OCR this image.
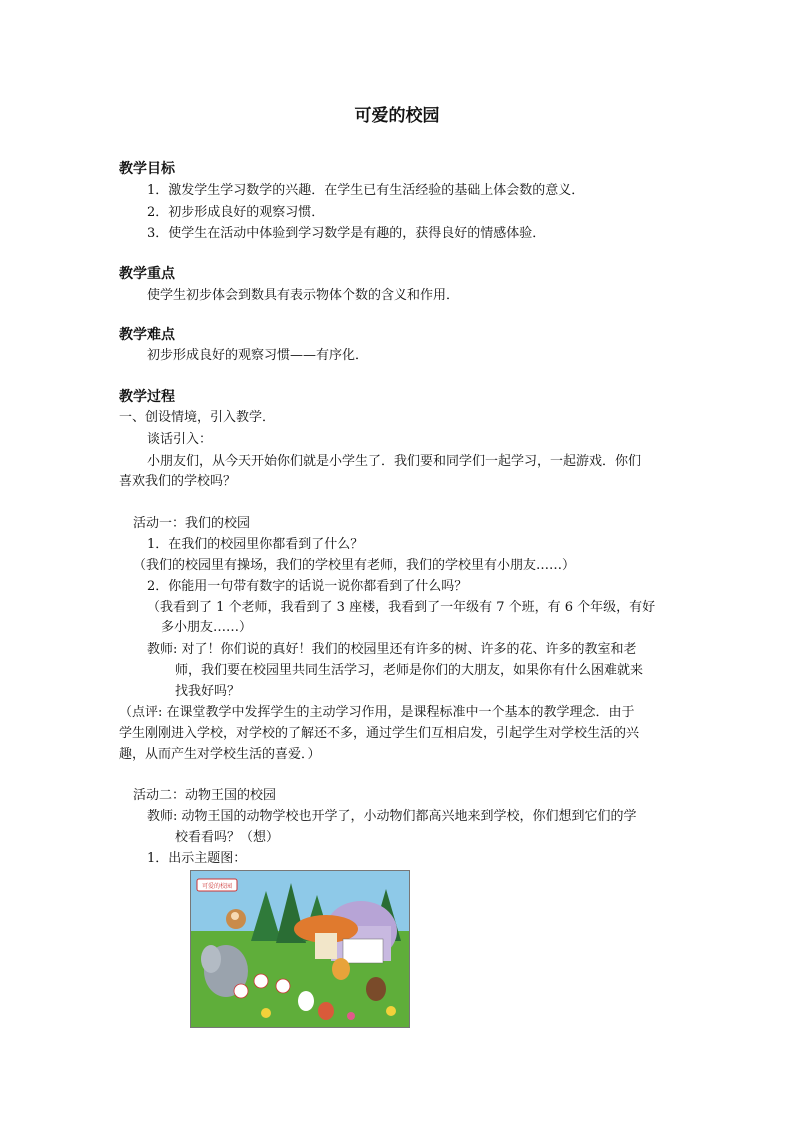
可爱的校园
教学目标
1．激发学生学习数学的兴趣．在学生已有生活经验的基础上体会数的意义．
2．初步形成良好的观察习惯．
3．使学生在活动中体验到学习数学是有趣的，获得良好的情感体验．
教学重点
使学生初步体会到数具有表示物体个数的含义和作用．
教学难点
初步形成良好的观察习惯——有序化．
教学过程
一、创设情境，引入教学．
谈话引入：
小朋友们，从今天开始你们就是小学生了．我们要和同学们一起学习，一起游戏．你们
喜欢我们的学校吗？
活动一：我们的校园
1．在我们的校园里你都看到了什么？
（我们的校园里有操场，我们的学校里有老师，我们的学校里有小朋友……）
2．你能用一句带有数字的话说一说你都看到了什么吗？
（我看到了 1 个老师，我看到了 3 座楼，我看到了一年级有 7 个班，有 6 个年级，有好
多小朋友……）
教师: 对了！你们说的真好！我们的校园里还有许多的树、许多的花、许多的教室和老
师，我们要在校园里共同生活学习，老师是你们的大朋友，如果你有什么困难就来
找我好吗？
（点评: 在课堂教学中发挥学生的主动学习作用，是课程标准中一个基本的教学理念．由于
学生刚刚进入学校，对学校的了解还不多，通过学生们互相启发，引起学生对学校生活的兴
趣，从而产生对学校生活的喜爱．）
活动二：动物王国的校园
教师: 动物王国的动物学校也开学了，小动物们都高兴地来到学校，你们想到它们的学
校看看吗？（想）
1．出示主题图：
可爱的校园
